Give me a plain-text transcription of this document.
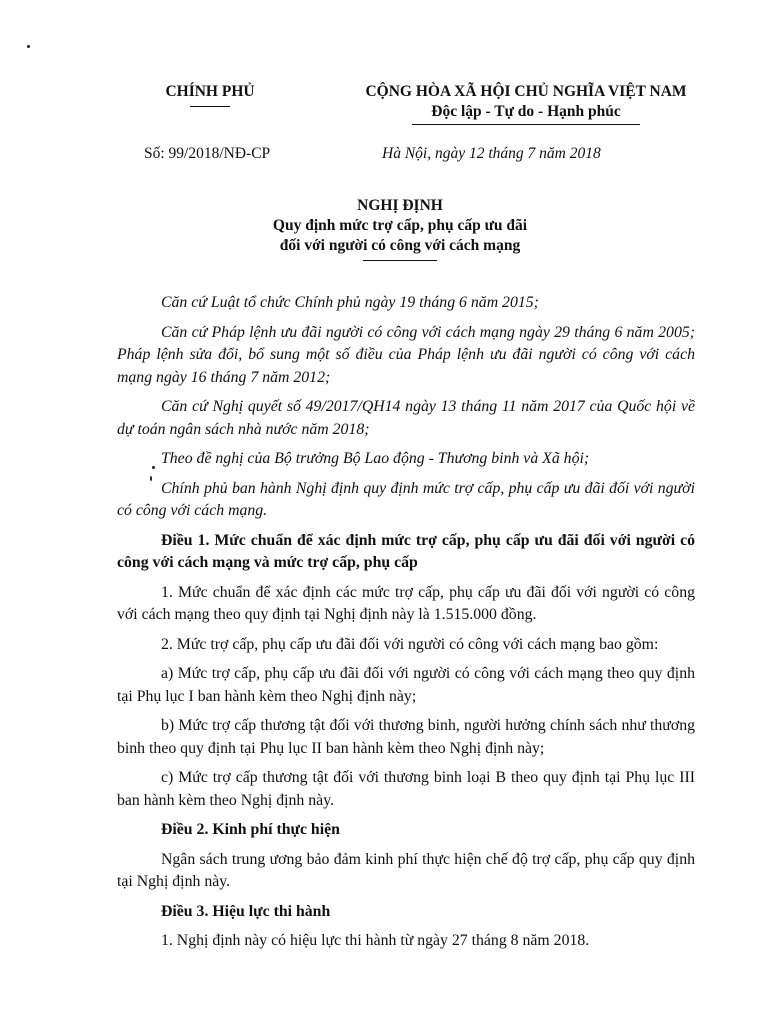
CHÍNH PHỦ	CỘNG HÒA XÃ HỘI CHỦ NGHĨA VIỆT NAM
Độc lập - Tự do - Hạnh phúc
Số: 99/2018/NĐ-CP	Hà Nội, ngày 12 tháng 7 năm 2018
NGHỊ ĐỊNH
Quy định mức trợ cấp, phụ cấp ưu đãi
đối với người có công với cách mạng

Căn cứ Luật tổ chức Chính phủ ngày 19 tháng 6 năm 2015;

Căn cứ Pháp lệnh ưu đãi người có công với cách mạng ngày 29 tháng 6 năm 2005; Pháp lệnh sửa đổi, bổ sung một số điều của Pháp lệnh ưu đãi người có công với cách mạng ngày 16 tháng 7 năm 2012;

Căn cứ Nghị quyết số 49/2017/QH14 ngày 13 tháng 11 năm 2017 của Quốc hội về dự toán ngân sách nhà nước năm 2018;

Theo đề nghị của Bộ trưởng Bộ Lao động - Thương binh và Xã hội;

Chính phủ ban hành Nghị định quy định mức trợ cấp, phụ cấp ưu đãi đối với người có công với cách mạng.

Điều 1. Mức chuẩn để xác định mức trợ cấp, phụ cấp ưu đãi đối với người có công với cách mạng và mức trợ cấp, phụ cấp

1. Mức chuẩn để xác định các mức trợ cấp, phụ cấp ưu đãi đối với người có công với cách mạng theo quy định tại Nghị định này là 1.515.000 đồng.

2. Mức trợ cấp, phụ cấp ưu đãi đối với người có công với cách mạng bao gồm:

a) Mức trợ cấp, phụ cấp ưu đãi đối với người có công với cách mạng theo quy định tại Phụ lục I ban hành kèm theo Nghị định này;

b) Mức trợ cấp thương tật đối với thương binh, người hưởng chính sách như thương binh theo quy định tại Phụ lục II ban hành kèm theo Nghị định này;

c) Mức trợ cấp thương tật đối với thương binh loại B theo quy định tại Phụ lục III ban hành kèm theo Nghị định này.

Điều 2. Kinh phí thực hiện

Ngân sách trung ương bảo đảm kinh phí thực hiện chế độ trợ cấp, phụ cấp quy định tại Nghị định này.

Điều 3. Hiệu lực thi hành

1. Nghị định này có hiệu lực thi hành từ ngày 27 tháng 8 năm 2018.
